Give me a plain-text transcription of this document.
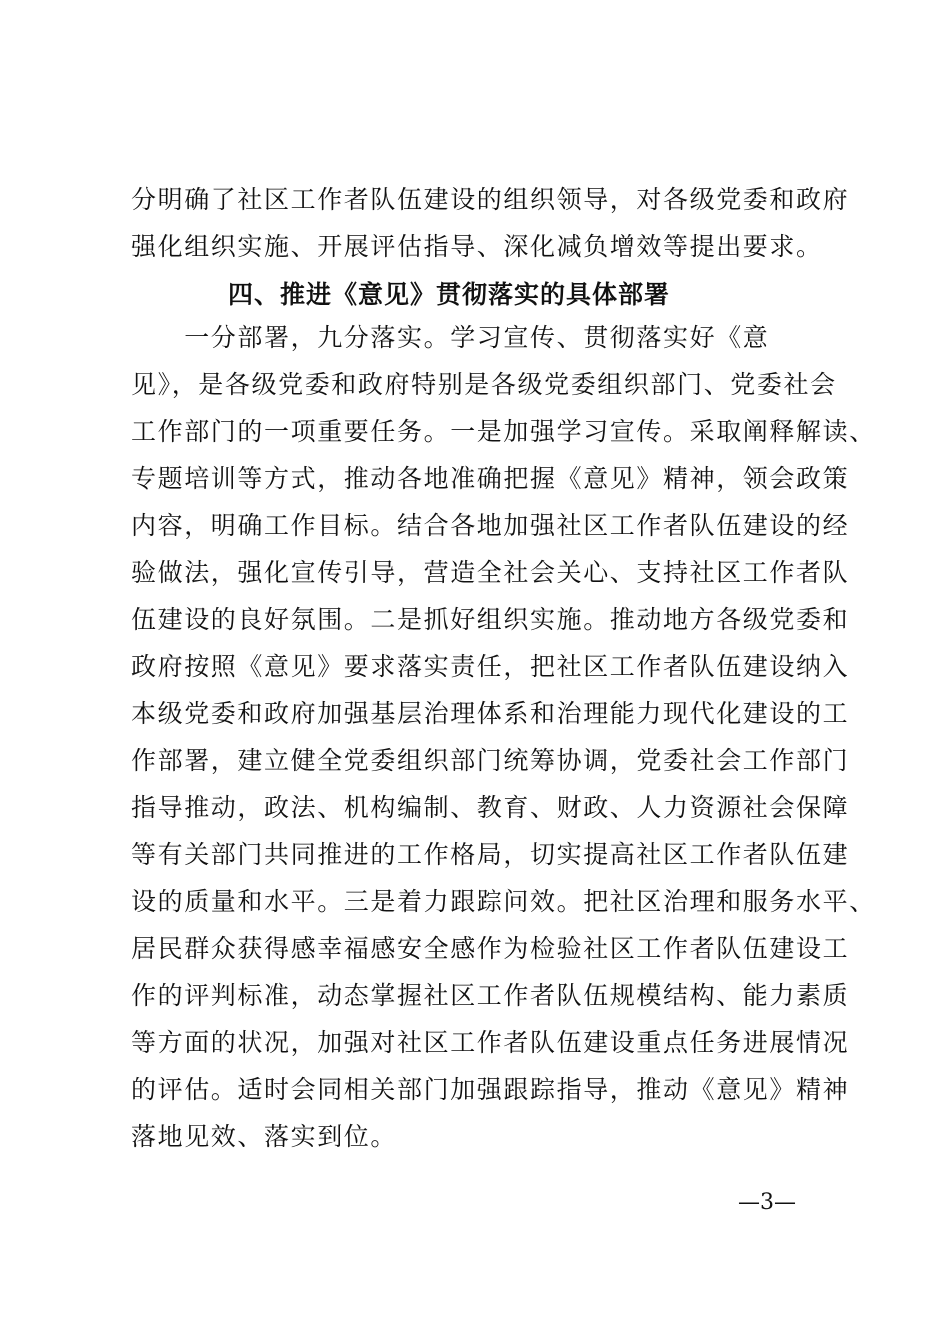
分明确了社区工作者队伍建设的组织领导，对各级党委和政府
强化组织实施、开展评估指导、深化减负增效等提出要求。
四、推进《意见》贯彻落实的具体部署
　　一分部署，九分落实。学习宣传、贯彻落实好《意
见》，是各级党委和政府特别是各级党委组织部门、党委社会
工作部门的一项重要任务。一是加强学习宣传。采取阐释解读、
专题培训等方式，推动各地准确把握《意见》精神，领会政策
内容，明确工作目标。结合各地加强社区工作者队伍建设的经
验做法，强化宣传引导，营造全社会关心、支持社区工作者队
伍建设的良好氛围。二是抓好组织实施。推动地方各级党委和
政府按照《意见》要求落实责任，把社区工作者队伍建设纳入
本级党委和政府加强基层治理体系和治理能力现代化建设的工
作部署，建立健全党委组织部门统筹协调，党委社会工作部门
指导推动，政法、机构编制、教育、财政、人力资源社会保障
等有关部门共同推进的工作格局，切实提高社区工作者队伍建
设的质量和水平。三是着力跟踪问效。把社区治理和服务水平、
居民群众获得感幸福感安全感作为检验社区工作者队伍建设工
作的评判标准，动态掌握社区工作者队伍规模结构、能力素质
等方面的状况，加强对社区工作者队伍建设重点任务进展情况
的评估。适时会同相关部门加强跟踪指导，推动《意见》精神
落地见效、落实到位。
—3—
